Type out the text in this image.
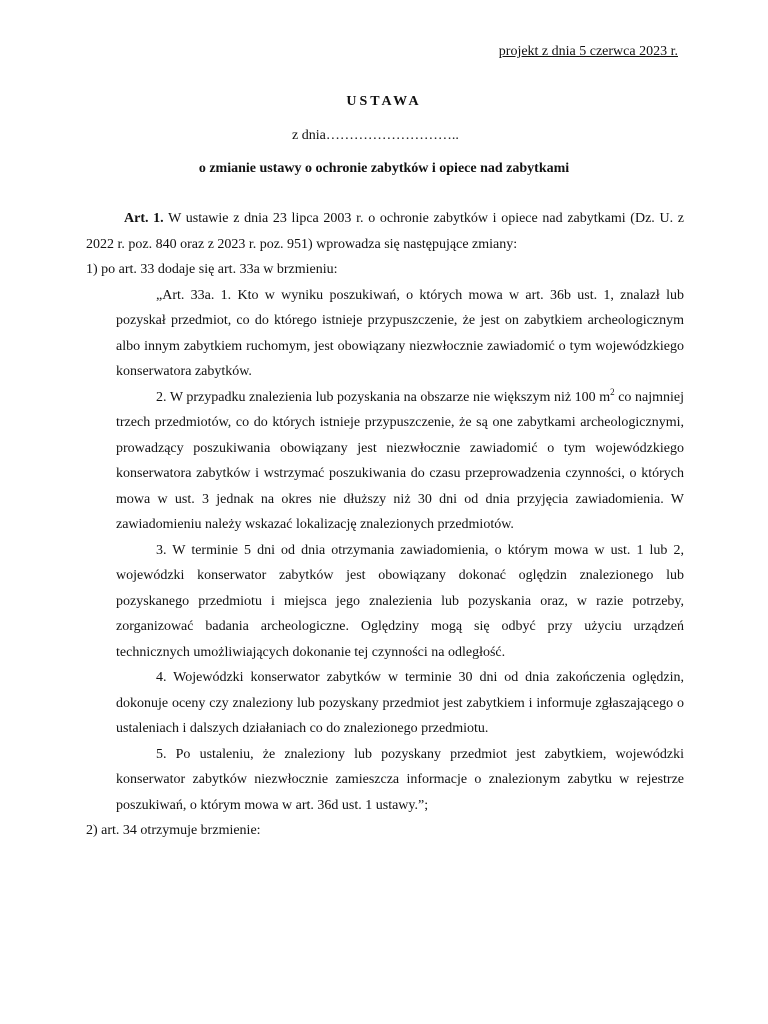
projekt z dnia 5 czerwca 2023 r.
USTAWA
z dnia………………………..
o zmianie ustawy o ochronie zabytków i opiece nad zabytkami

Art. 1. W ustawie z dnia 23 lipca 2003 r. o ochronie zabytków i opiece nad zabytkami (Dz. U. z 2022 r. poz. 840 oraz z 2023 r. poz. 951) wprowadza się następujące zmiany:

1) po art. 33 dodaje się art. 33a w brzmieniu:

„Art. 33a. 1. Kto w wyniku poszukiwań, o których mowa w art. 36b ust. 1, znalazł lub pozyskał przedmiot, co do którego istnieje przypuszczenie, że jest on zabytkiem archeologicznym albo innym zabytkiem ruchomym, jest obowiązany niezwłocznie zawiadomić o tym wojewódzkiego konserwatora zabytków.

2. W przypadku znalezienia lub pozyskania na obszarze nie większym niż 100 $m^2$ co najmniej trzech przedmiotów, co do których istnieje przypuszczenie, że są one zabytkami archeologicznymi, prowadzący poszukiwania obowiązany jest niezwłocznie zawiadomić o tym wojewódzkiego konserwatora zabytków i wstrzymać poszukiwania do czasu przeprowadzenia czynności, o których mowa w ust. 3 jednak na okres nie dłuższy niż 30 dni od dnia przyjęcia zawiadomienia. W zawiadomieniu należy wskazać lokalizację znalezionych przedmiotów.

3. W terminie 5 dni od dnia otrzymania zawiadomienia, o którym mowa w ust. 1 lub 2, wojewódzki konserwator zabytków jest obowiązany dokonać oględzin znalezionego lub pozyskanego przedmiotu i miejsca jego znalezienia lub pozyskania oraz, w razie potrzeby, zorganizować badania archeologiczne. Oględziny mogą się odbyć przy użyciu urządzeń technicznych umożliwiających dokonanie tej czynności na odległość.

4. Wojewódzki konserwator zabytków w terminie 30 dni od dnia zakończenia oględzin, dokonuje oceny czy znaleziony lub pozyskany przedmiot jest zabytkiem i informuje zgłaszającego o ustaleniach i dalszych działaniach co do znalezionego przedmiotu.

5. Po ustaleniu, że znaleziony lub pozyskany przedmiot jest zabytkiem, wojewódzki konserwator zabytków niezwłocznie zamieszcza informacje o znalezionym zabytku w rejestrze poszukiwań, o którym mowa w art. 36d ust. 1 ustawy.”;

2) art. 34 otrzymuje brzmienie:
